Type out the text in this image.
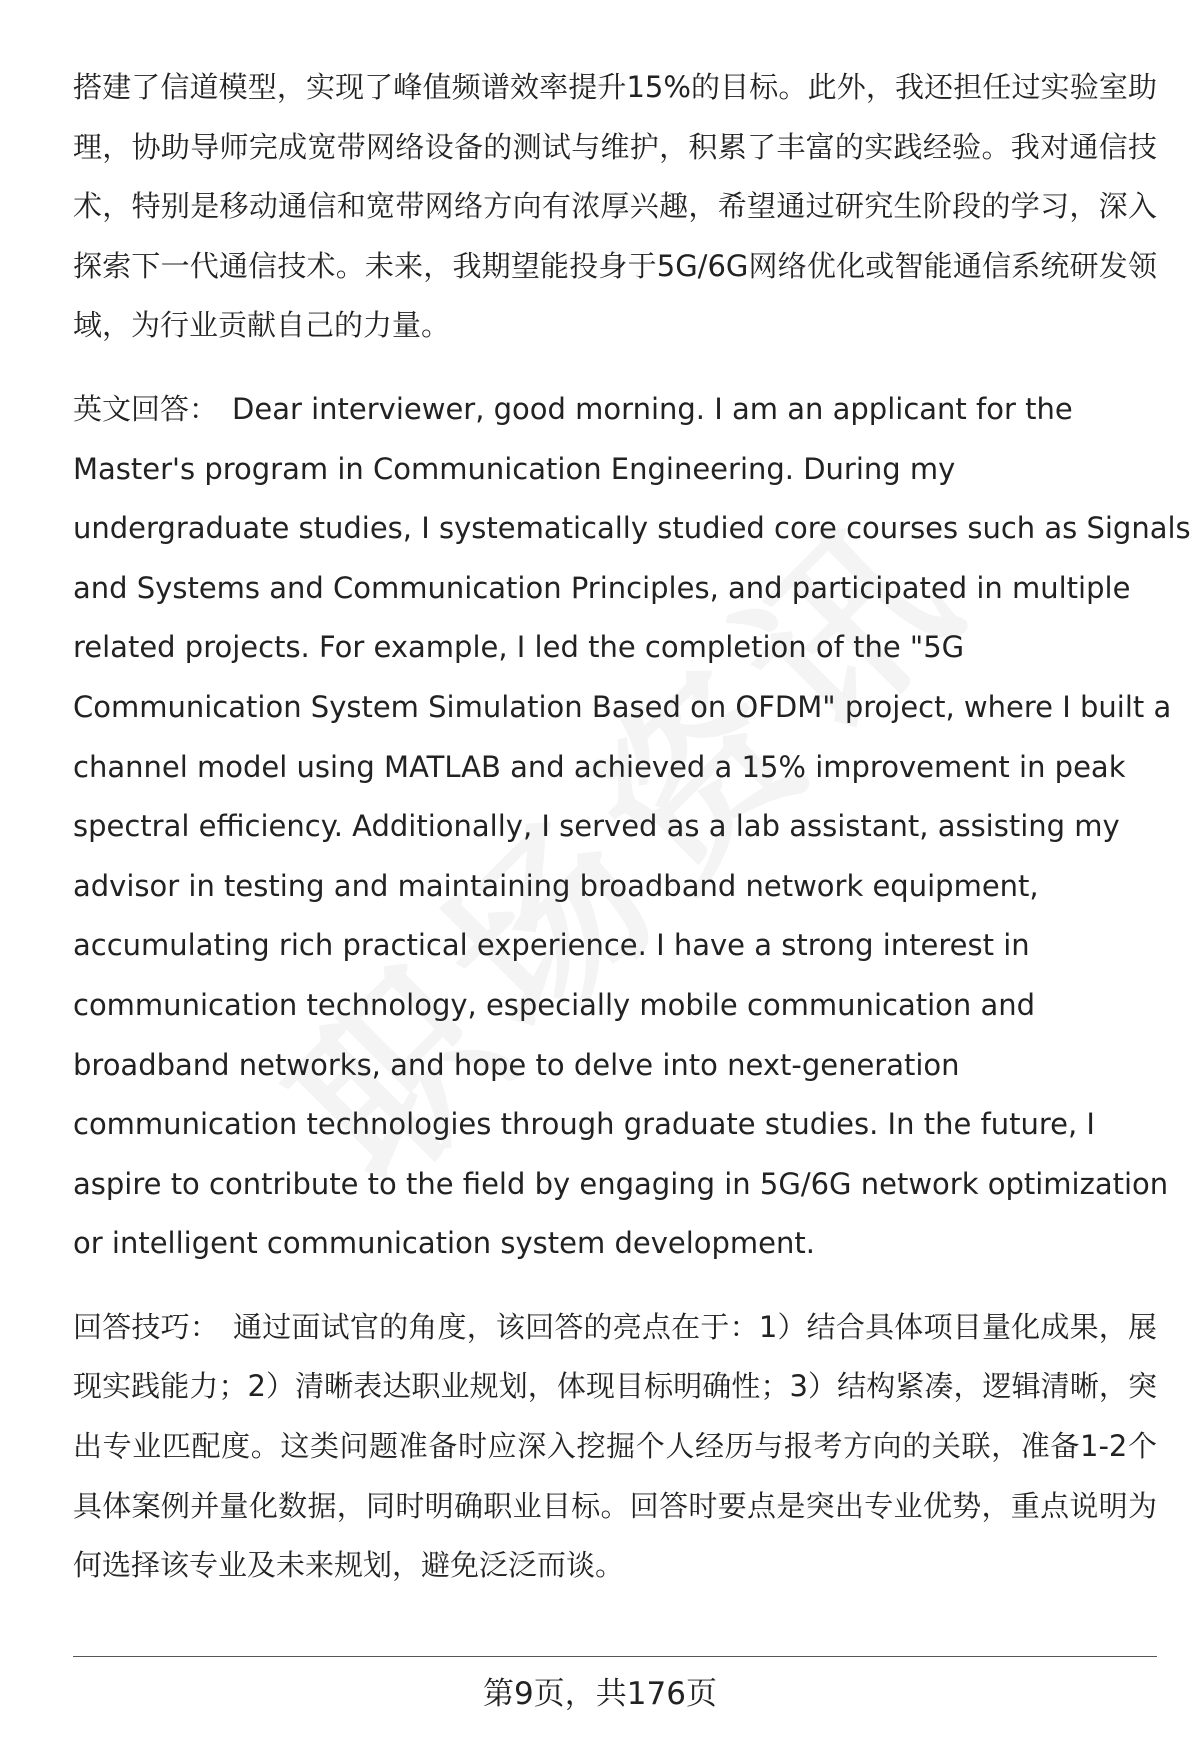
搭建了信道模型，实现了峰值频谱效率提升15%的目标。此外，我还担任过实验室助理，协助导师完成宽带网络设备的测试与维护，积累了丰富的实践经验。我对通信技术，特别是移动通信和宽带网络方向有浓厚兴趣，希望通过研究生阶段的学习，深入探索下一代通信技术。未来，我期望能投身于5G/6G网络优化或智能通信系统研发领域，为行业贡献自己的力量。

英文回答： Dear interviewer, good morning. I am an applicant for the
Master's program in Communication Engineering. During my
undergraduate studies, I systematically studied core courses such as Signals
and Systems and Communication Principles, and participated in multiple
related projects. For example, I led the completion of the "5G
Communication System Simulation Based on OFDM" project, where I built a
channel model using MATLAB and achieved a 15% improvement in peak
spectral efficiency. Additionally, I served as a lab assistant, assisting my
advisor in testing and maintaining broadband network equipment,
accumulating rich practical experience. I have a strong interest in
communication technology, especially mobile communication and
broadband networks, and hope to delve into next-generation
communication technologies through graduate studies. In the future, I
aspire to contribute to the field by engaging in 5G/6G network optimization
or intelligent communication system development.

回答技巧： 通过面试官的角度，该回答的亮点在于：1）结合具体项目量化成果，展现实践能力；2）清晰表达职业规划，体现目标明确性；3）结构紧凑，逻辑清晰，突出专业匹配度。这类问题准备时应深入挖掘个人经历与报考方向的关联，准备1-2个具体案例并量化数据，同时明确职业目标。回答时要点是突出专业优势，重点说明为何选择该专业及未来规划，避免泛泛而谈。

第9页，共176页
